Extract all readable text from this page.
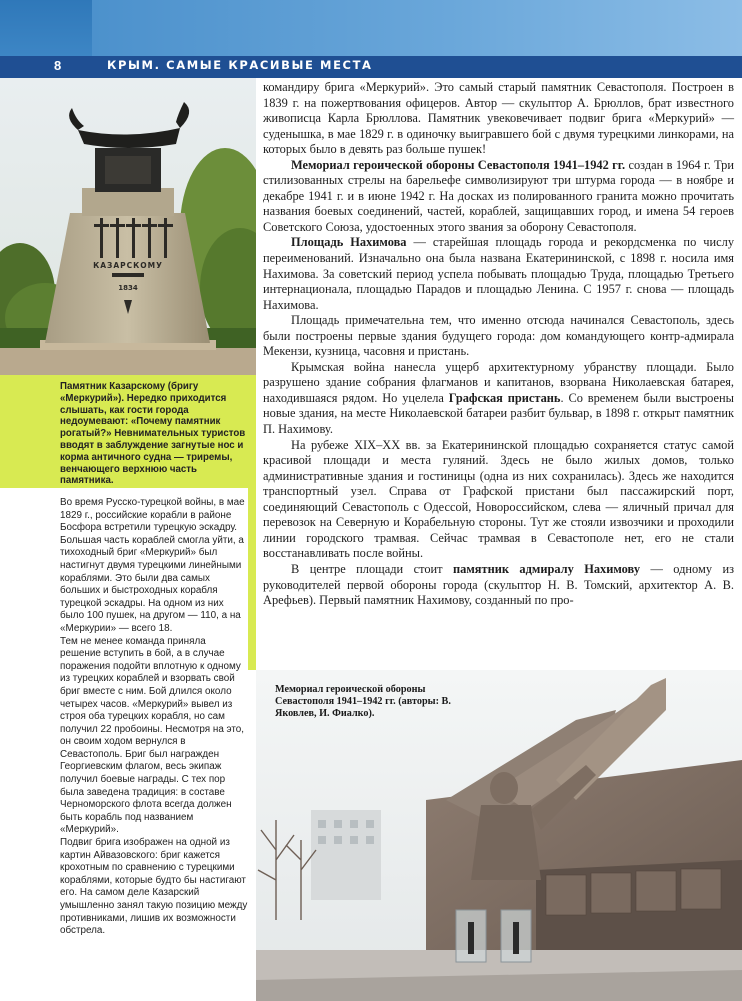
8	КРЫМ. САМЫЕ КРАСИВЫЕ МЕСТА
КАЗАРСКОМУ
1834
Памятник Казарскому (бригу «Меркурий»). Нередко приходится слышать, как гости города недоумевают: «Почему памятник рогатый?» Невнимательных туристов вводят в заблуждение загнутые нос и корма античного судна — триремы, венчающего верхнюю часть памятника.

Во время Русско-турецкой войны, в мае 1829 г., российские корабли в районе Босфора встретили турецкую эскадру. Большая часть кораблей смогла уйти, а тихоходный бриг «Меркурий» был настигнут двумя турецкими линейными кораблями. Это были два самых больших и быстроходных корабля турецкой эскадры. На одном из них было 100 пушек, на другом — 110, а на «Меркурии» — всего 18.

Тем не менее команда приняла решение вступить в бой, а в случае поражения подойти вплотную к одному из турецких кораблей и взорвать свой бриг вместе с ним. Бой длился около четырех часов. «Меркурий» вывел из строя оба турецких корабля, но сам получил 22 пробоины. Несмотря на это, он своим ходом вернулся в Севастополь. Бриг был награжден Георгиевским флагом, весь экипаж получил боевые награды. С тех пор была заведена традиция: в составе Черноморского флота всегда должен быть корабль под названием «Меркурий».

Подвиг брига изображен на одной из картин Айвазовского: бриг кажется крохотным по сравнению с турецкими кораблями, которые будто бы настигают его. На самом деле Казарский умышленно занял такую позицию между противниками, лишив их возможности обстрела.

командиру брига «Меркурий». Это самый старый памятник Севастополя. Построен в 1839 г. на пожертвования офицеров. Автор — скульптор А. Брюллов, брат известного живописца Карла Брюллова. Памятник увековечивает подвиг брига «Меркурий» — суденышка, в мае 1829 г. в одиночку выигравшего бой с двумя турецкими линкорами, на которых было в девять раз больше пушек!

Мемориал героической обороны Севастополя 1941–1942 гг. создан в 1964 г. Три стилизованных стрелы на барельефе символизируют три штурма города — в ноябре и декабре 1941 г. и в июне 1942 г. На досках из полированного гранита можно прочитать названия боевых соединений, частей, кораблей, защищавших город, и имена 54 героев Советского Союза, удостоенных этого звания за оборону Севастополя.

Площадь Нахимова — старейшая площадь города и рекордсменка по числу переименований. Изначально она была названа Екатерининской, с 1898 г. носила имя Нахимова. За советский период успела побывать площадью Труда, площадью Третьего интернационала, площадью Парадов и площадью Ленина. С 1957 г. снова — площадь Нахимова.

Площадь примечательна тем, что именно отсюда начинался Севастополь, здесь были построены первые здания будущего города: дом командующего контр-адмирала Мекензи, кузница, часовня и пристань.

Крымская война нанесла ущерб архитектурному убранству площади. Было разрушено здание собрания флагманов и капитанов, взорвана Николаевская батарея, находившаяся рядом. Но уцелела Графская пристань. Со временем были выстроены новые здания, на месте Николаевской батареи разбит бульвар, в 1898 г. открыт памятник П. Нахимову.

На рубеже XIX–XX вв. за Екатерининской площадью сохраняется статус самой красивой площади и места гуляний. Здесь не было жилых домов, только административные здания и гостиницы (одна из них сохранилась). Здесь же находится транспортный узел. Справа от Графской пристани был пассажирский порт, соединяющий Севастополь с Одессой, Новороссийском, слева — яличный причал для перевозок на Северную и Корабельную стороны. Тут же стояли извозчики и проходили линии городского трамвая. Сейчас трамвая в Севастополе нет, его не стали восстанавливать после войны.

В центре площади стоит памятник адмиралу Нахимову — одному из руководителей первой обороны города (скульптор Н. В. Томский, архитектор А. В. Арефьев). Первый памятник Нахимову, созданный по про-

Мемориал героической обороны Севастополя 1941–1942 гг. (авторы: В. Яковлев, И. Фиалко).
